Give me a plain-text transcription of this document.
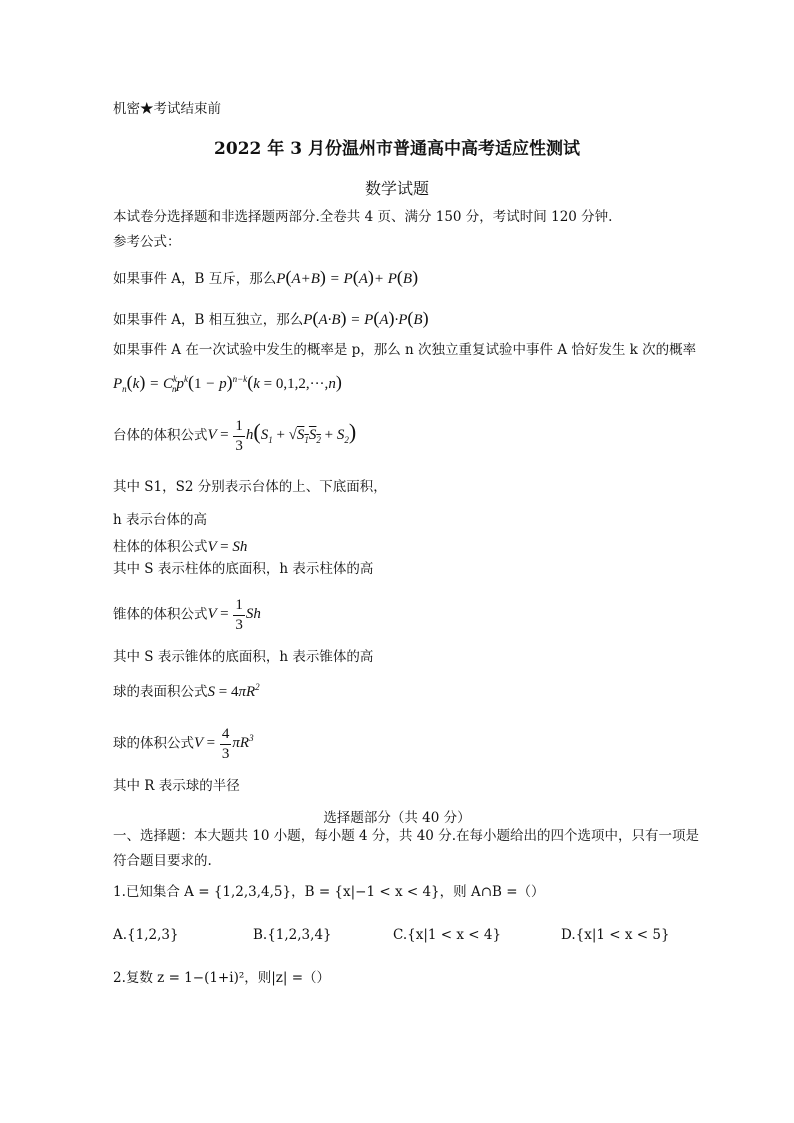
机密★考试结束前
2022 年 3 月份温州市普通高中高考适应性测试
数学试题
本试卷分选择题和非选择题两部分.全卷共 4 页、满分 150 分，考试时间 120 分钟.
参考公式：
如果事件 A，B 互斥，那么P(A+B) = P(A)+ P(B)
如果事件 A，B 相互独立，那么P(A·B) = P(A)·P(B)
如果事件 A 在一次试验中发生的概率是 p，那么 n 次独立重复试验中事件 A 恰好发生 k 次的概率
$P_n(k) = C^k_np^k(1 - p)^{n-k}(k = 0,1,2,\cdot\cdot\cdot,n)$
台体的体积公式$V = \frac{1}{3} h(S_1 + √S_1S_2 + S_2)$
其中 S1，S2 分别表示台体的上、下底面积，
h 表示台体的高
柱体的体积公式V = Sh
其中 S 表示柱体的底面积，h 表示柱体的高
锥体的体积公式$V = \frac{1}{3}$ Sh
其中 S 表示锥体的底面积，h 表示锥体的高
球的表面积公式$S = 4\pi R^2$
球的体积公式$V = \frac{4}{3} \pi R^3$
其中 R 表示球的半径
选择题部分（共 40 分）
一、选择题：本大题共 10 小题，每小题 4 分，共 40 分.在每小题给出的四个选项中，只有一项是
符合题目要求的.
1.已知集合 A = {1,2,3,4,5}，B = {x|−1 < x < 4}，则 A∩B =（）
A.{1,2,3}	B.{1,2,3,4}	C.{x|1 < x < 4}	D.{x|1 < x < 5}
2.复数 z = 1−(1+i)²，则|z| =（）
